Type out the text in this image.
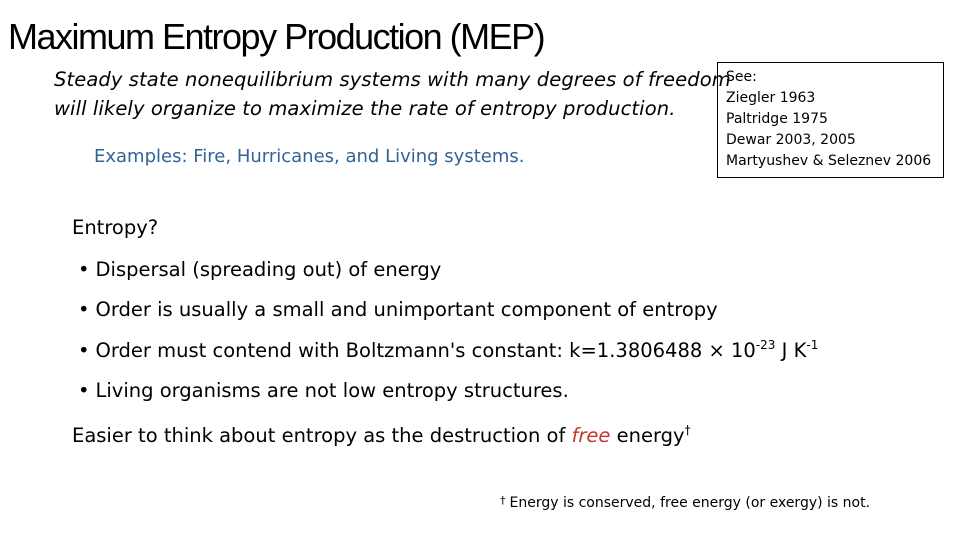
Maximum Entropy Production (MEP)
Steady state nonequilibrium systems with many degrees of freedom
will likely organize to maximize the rate of entropy production.
Examples: Fire, Hurricanes, and Living systems.
See:
Ziegler 1963
Paltridge 1975
Dewar 2003, 2005
Martyushev & Seleznev 2006
Entropy?
• Dispersal (spreading out) of energy
• Order is usually a small and unimportant component of entropy
• Order must contend with Boltzmann's constant: $k=1.3806488 \times 10^{-23}$ J $K^{-1}$
• Living organisms are not low entropy structures.
Easier to think about entropy as the destruction of free energy†
† Energy is conserved, free energy (or exergy) is not.
